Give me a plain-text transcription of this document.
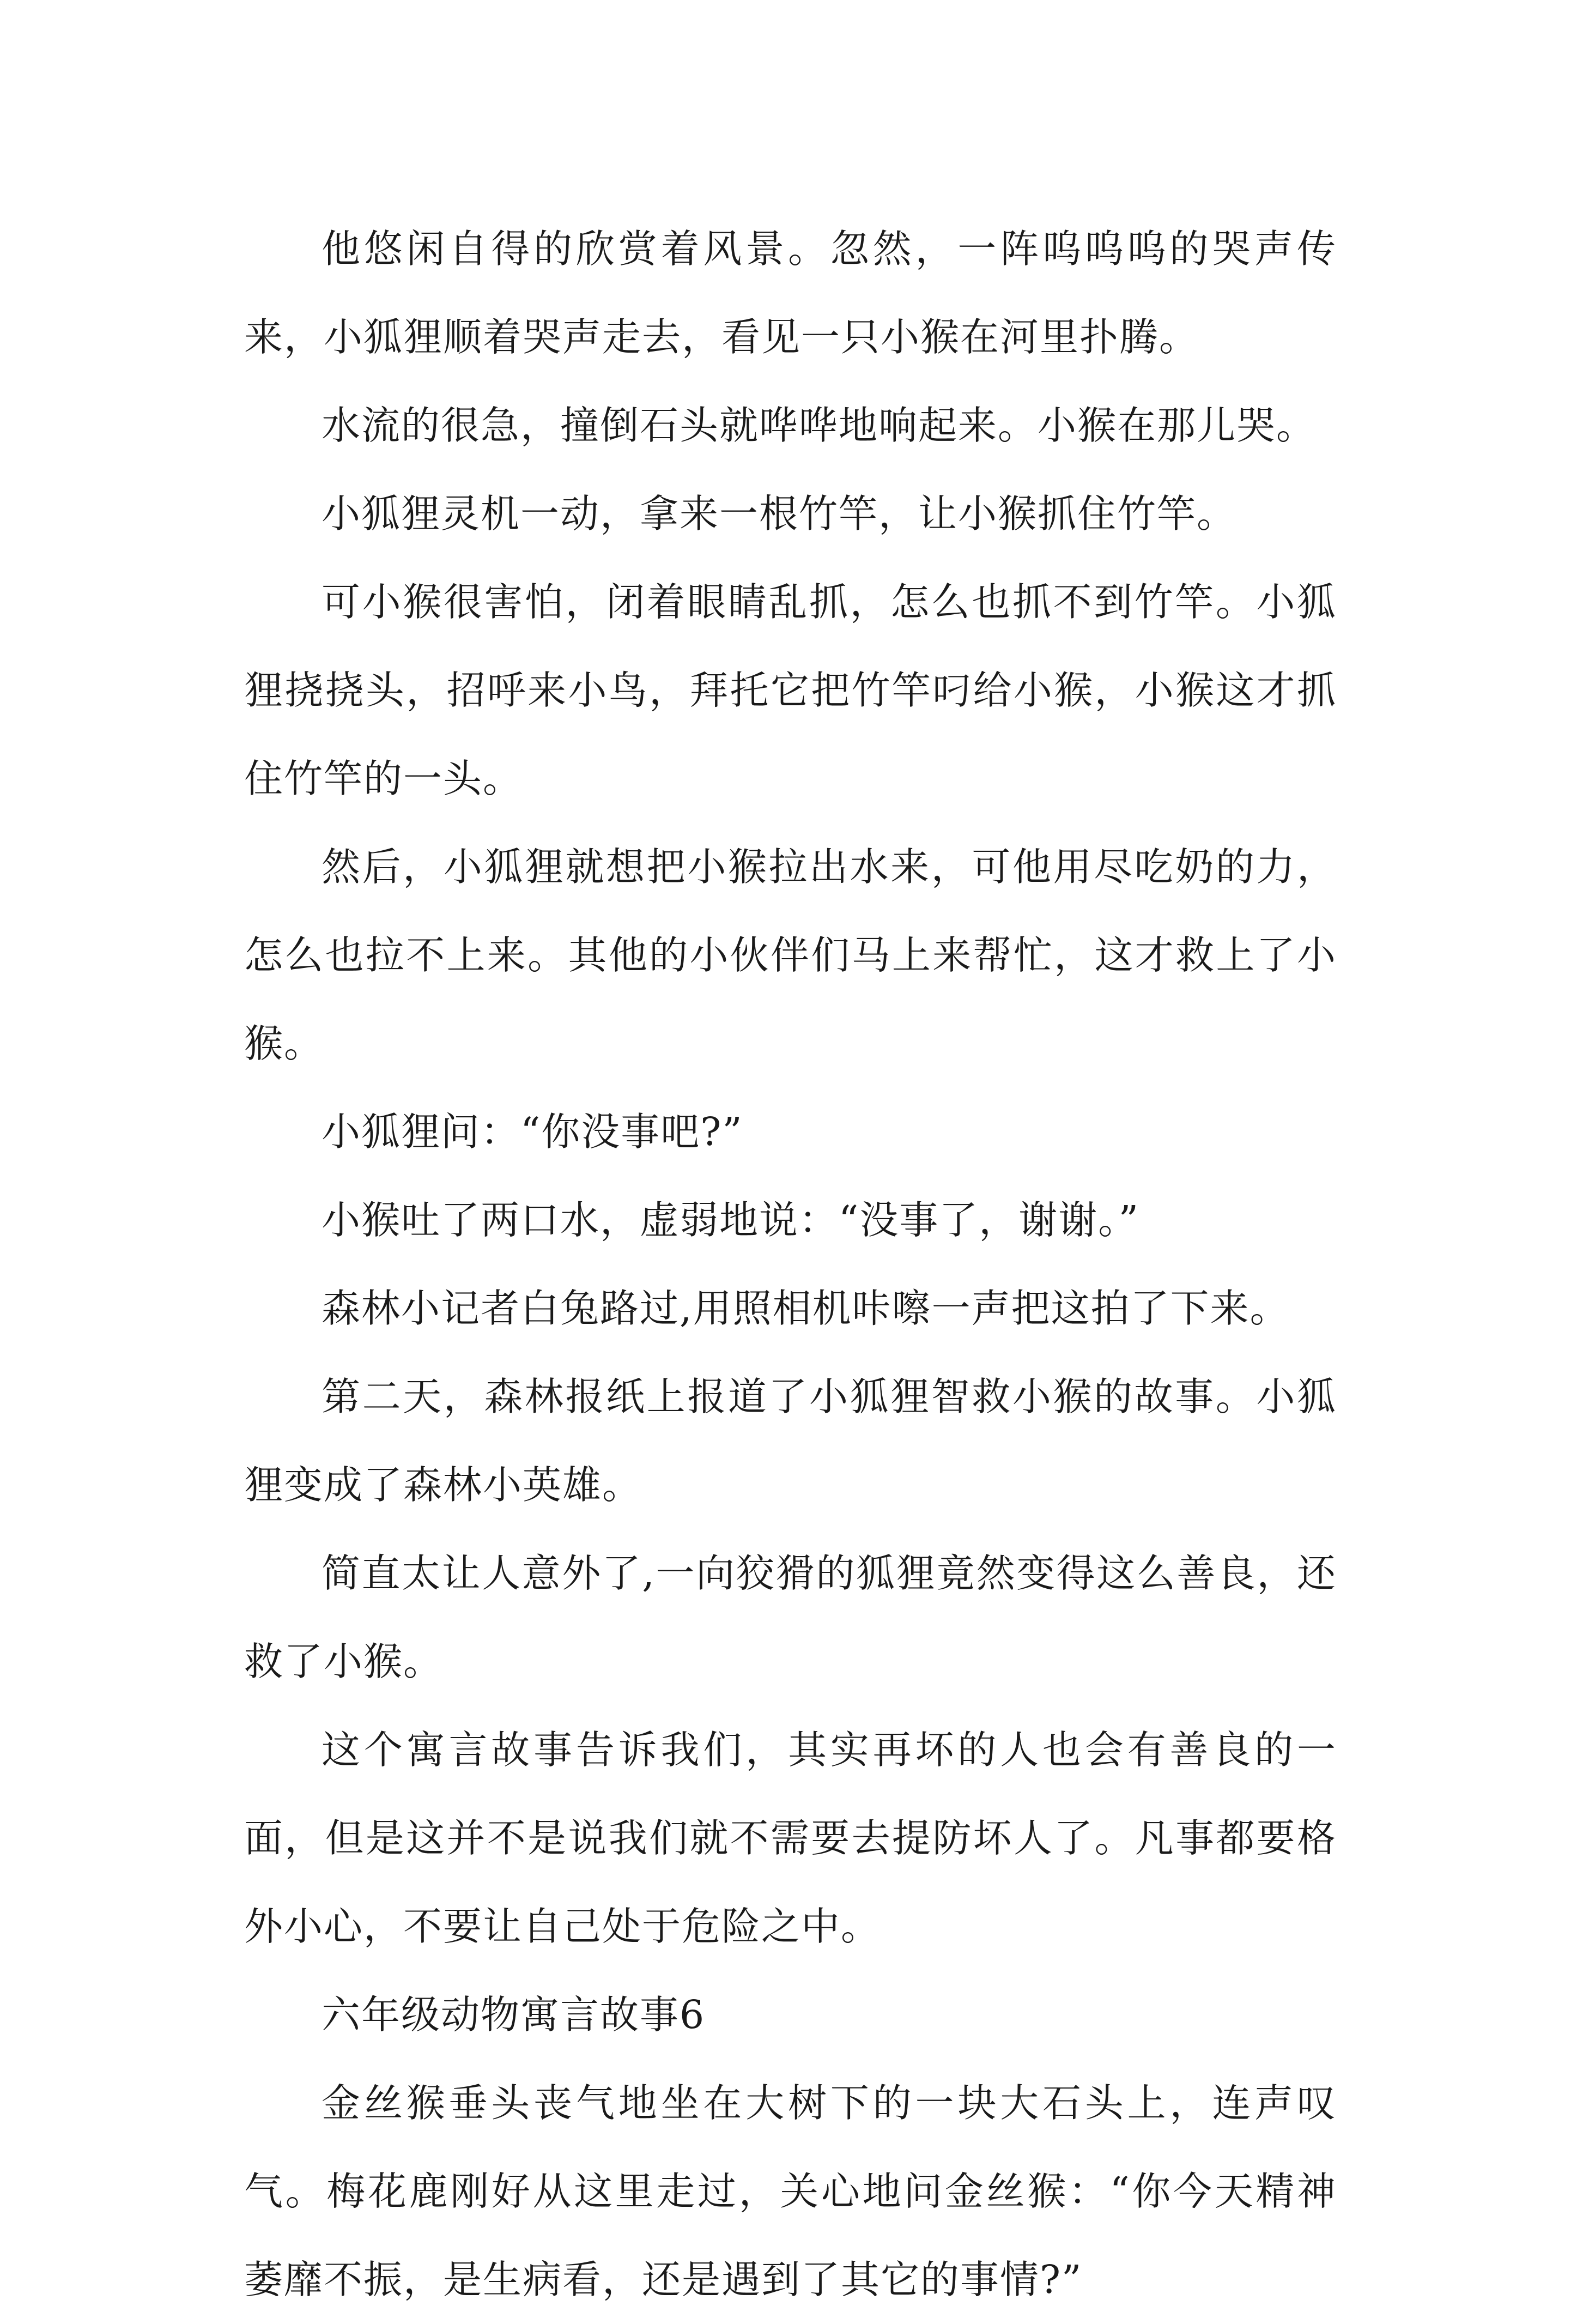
他悠闲自得的欣赏着风景。忽然，一阵呜呜呜的哭声传来，小狐狸顺着哭声走去，看见一只小猴在河里扑腾。

水流的很急，撞倒石头就哗哗地响起来。小猴在那儿哭。

小狐狸灵机一动，拿来一根竹竿，让小猴抓住竹竿。

可小猴很害怕，闭着眼睛乱抓，怎么也抓不到竹竿。小狐狸挠挠头，招呼来小鸟，拜托它把竹竿叼给小猴，小猴这才抓住竹竿的一头。

然后，小狐狸就想把小猴拉出水来，可他用尽吃奶的力，怎么也拉不上来。其他的小伙伴们马上来帮忙，这才救上了小猴。

小狐狸问：“你没事吧?”

小猴吐了两口水，虚弱地说：“没事了，谢谢。”

森林小记者白兔路过,用照相机咔嚓一声把这拍了下来。

第二天，森林报纸上报道了小狐狸智救小猴的故事。小狐狸变成了森林小英雄。

简直太让人意外了,一向狡猾的狐狸竟然变得这么善良，还救了小猴。

这个寓言故事告诉我们，其实再坏的人也会有善良的一面，但是这并不是说我们就不需要去提防坏人了。凡事都要格外小心，不要让自己处于危险之中。

六年级动物寓言故事6

金丝猴垂头丧气地坐在大树下的一块大石头上，连声叹气。梅花鹿刚好从这里走过，关心地问金丝猴：“你今天精神萎靡不振，是生病看，还是遇到了其它的事情?”
